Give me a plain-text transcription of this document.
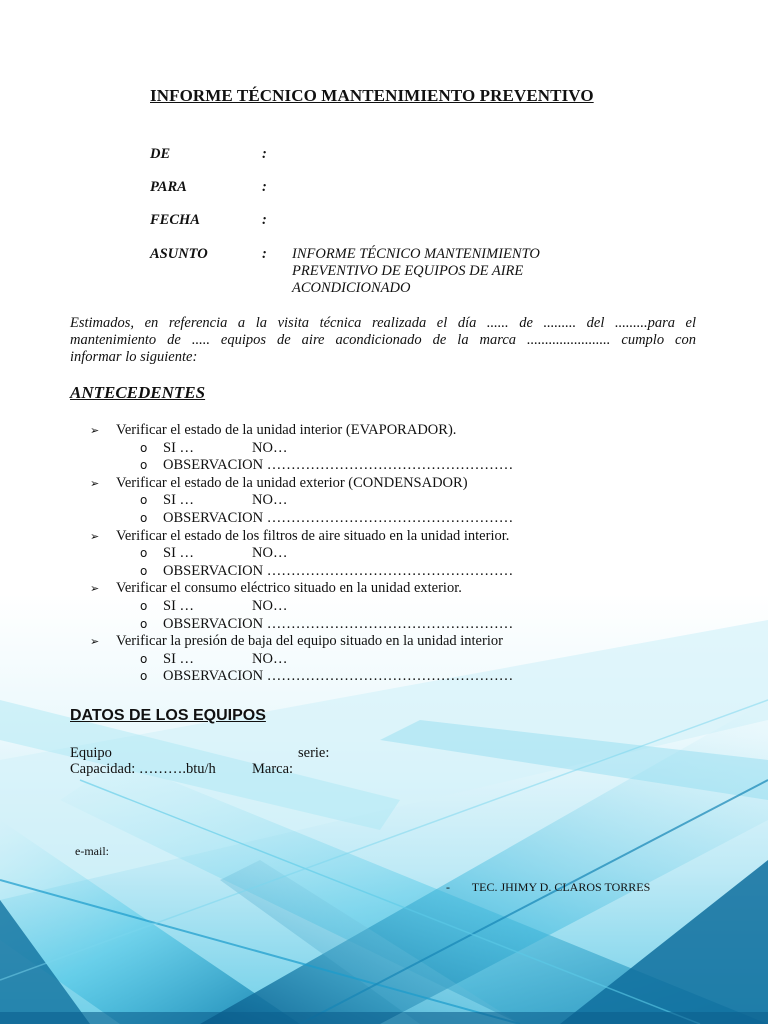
INFORME TÉCNICO MANTENIMIENTO PREVENTIVO
DE	:
PARA	:
FECHA	:
ASUNTO	: INFORME TÉCNICO MANTENIMIENTO
PREVENTIVO DE EQUIPOS DE AIRE
ACONDICIONADO
Estimados, en referencia a la visita técnica realizada el día ...... de ......... del .........para el
mantenimiento de ..... equipos de aire acondicionado de la marca ....................... cumplo con
informar lo siguiente:
ANTECEDENTES
➢ Verificar el estado de la unidad interior (EVAPORADOR).
o SI …	NO…
o OBSERVACION ……………………………………………
➢ Verificar el estado de la unidad exterior (CONDENSADOR)
o SI …	NO…
o OBSERVACION ……………………………………………
➢ Verificar el estado de los filtros de aire situado en la unidad interior.
o SI …	NO…
o OBSERVACION ……………………………………………
➢ Verificar el consumo eléctrico situado en la unidad exterior.
o SI …	NO…
o OBSERVACION ……………………………………………
➢ Verificar la presión de baja del equipo situado en la unidad interior
o SI …	NO…
o OBSERVACION ……………………………………………
DATOS DE LOS EQUIPOS
Equipo	serie:
Capacidad: ……….btu/h Marca:
e-mail:
- TEC. JHIMY D. CLAROS TORRES
